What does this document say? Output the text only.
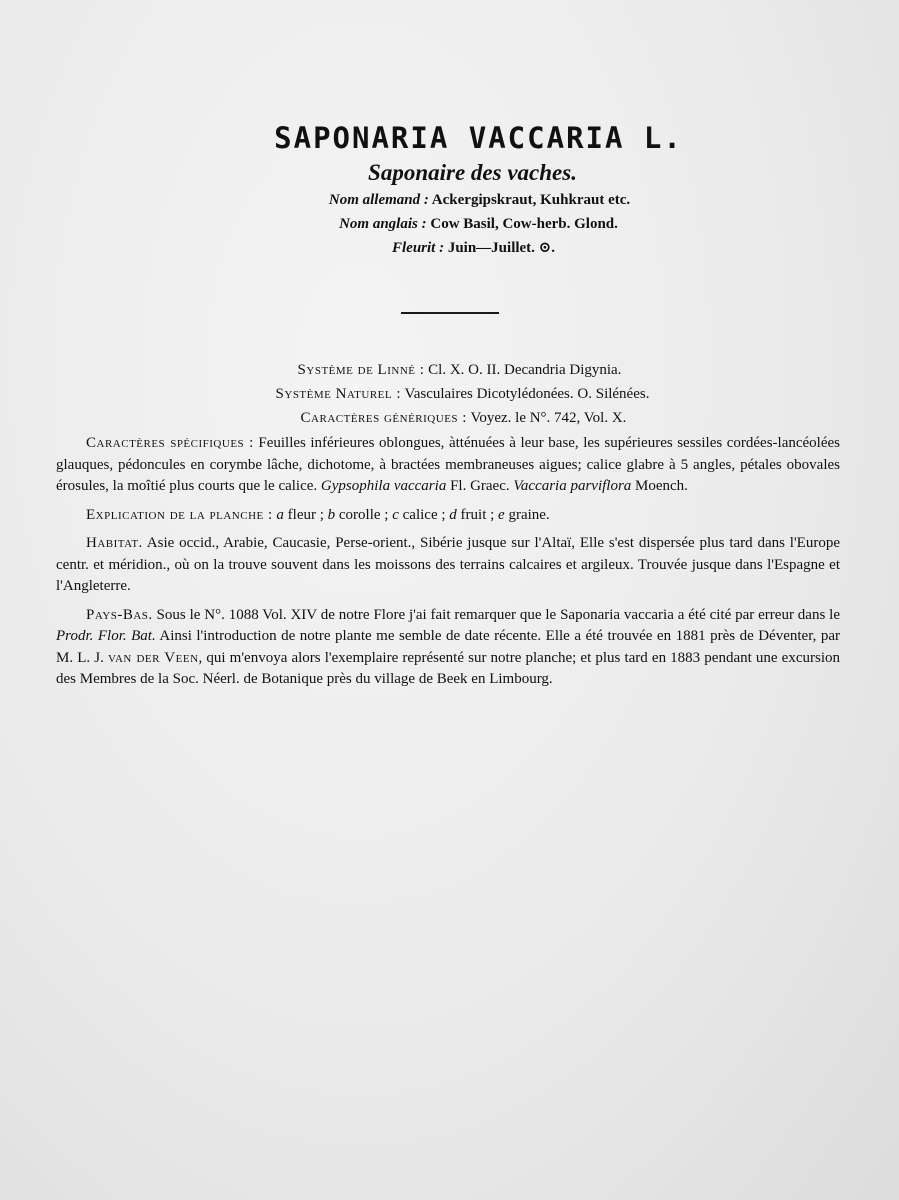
SAPONARIA VACCARIA L.
Saponaire des vaches.
Nom allemand : Ackergipskraut, Kuhkraut etc.
Nom anglais : Cow Basil, Cow-herb. Glond.
Fleurit : Juin—Juillet. ⊙.
Système de Linné : Cl. X. O. II. Decandria Digynia.
Système Naturel : Vasculaires Dicotylédonées. O. Silénées.
Caractères génériques : Voyez. le N°. 742, Vol. X.

Caractères spécifiques : Feuilles inférieures oblongues, àtténuées à leur base, les supérieures sessiles cordées-lancéolées glauques, pédoncules en corymbe lâche, dichotome, à bractées membraneuses aigues; calice glabre à 5 angles, pétales obovales érosules, la moîtié plus courts que le calice. Gypsophila vaccaria Fl. Graec. Vaccaria parviflora Moench.

Explication de la planche : a fleur ; b corolle ; c calice ; d fruit ; e graine.

Habitat. Asie occid., Arabie, Caucasie, Perse-orient., Sibérie jusque sur l'Altaï, Elle s'est dispersée plus tard dans l'Europe centr. et méridion., où on la trouve souvent dans les moissons des terrains calcaires et argileux. Trouvée jusque dans l'Espagne et l'Angleterre.

Pays-Bas. Sous le N°. 1088 Vol. XIV de notre Flore j'ai fait remarquer que le Saponaria vaccaria a été cité par erreur dans le Prodr. Flor. Bat. Ainsi l'introduction de notre plante me semble de date récente. Elle a été trouvée en 1881 près de Déventer, par M. L. J. van der Veen, qui m'envoya alors l'exemplaire représenté sur notre planche; et plus tard en 1883 pendant une excursion des Membres de la Soc. Néerl. de Botanique près du village de Beek en Limbourg.
